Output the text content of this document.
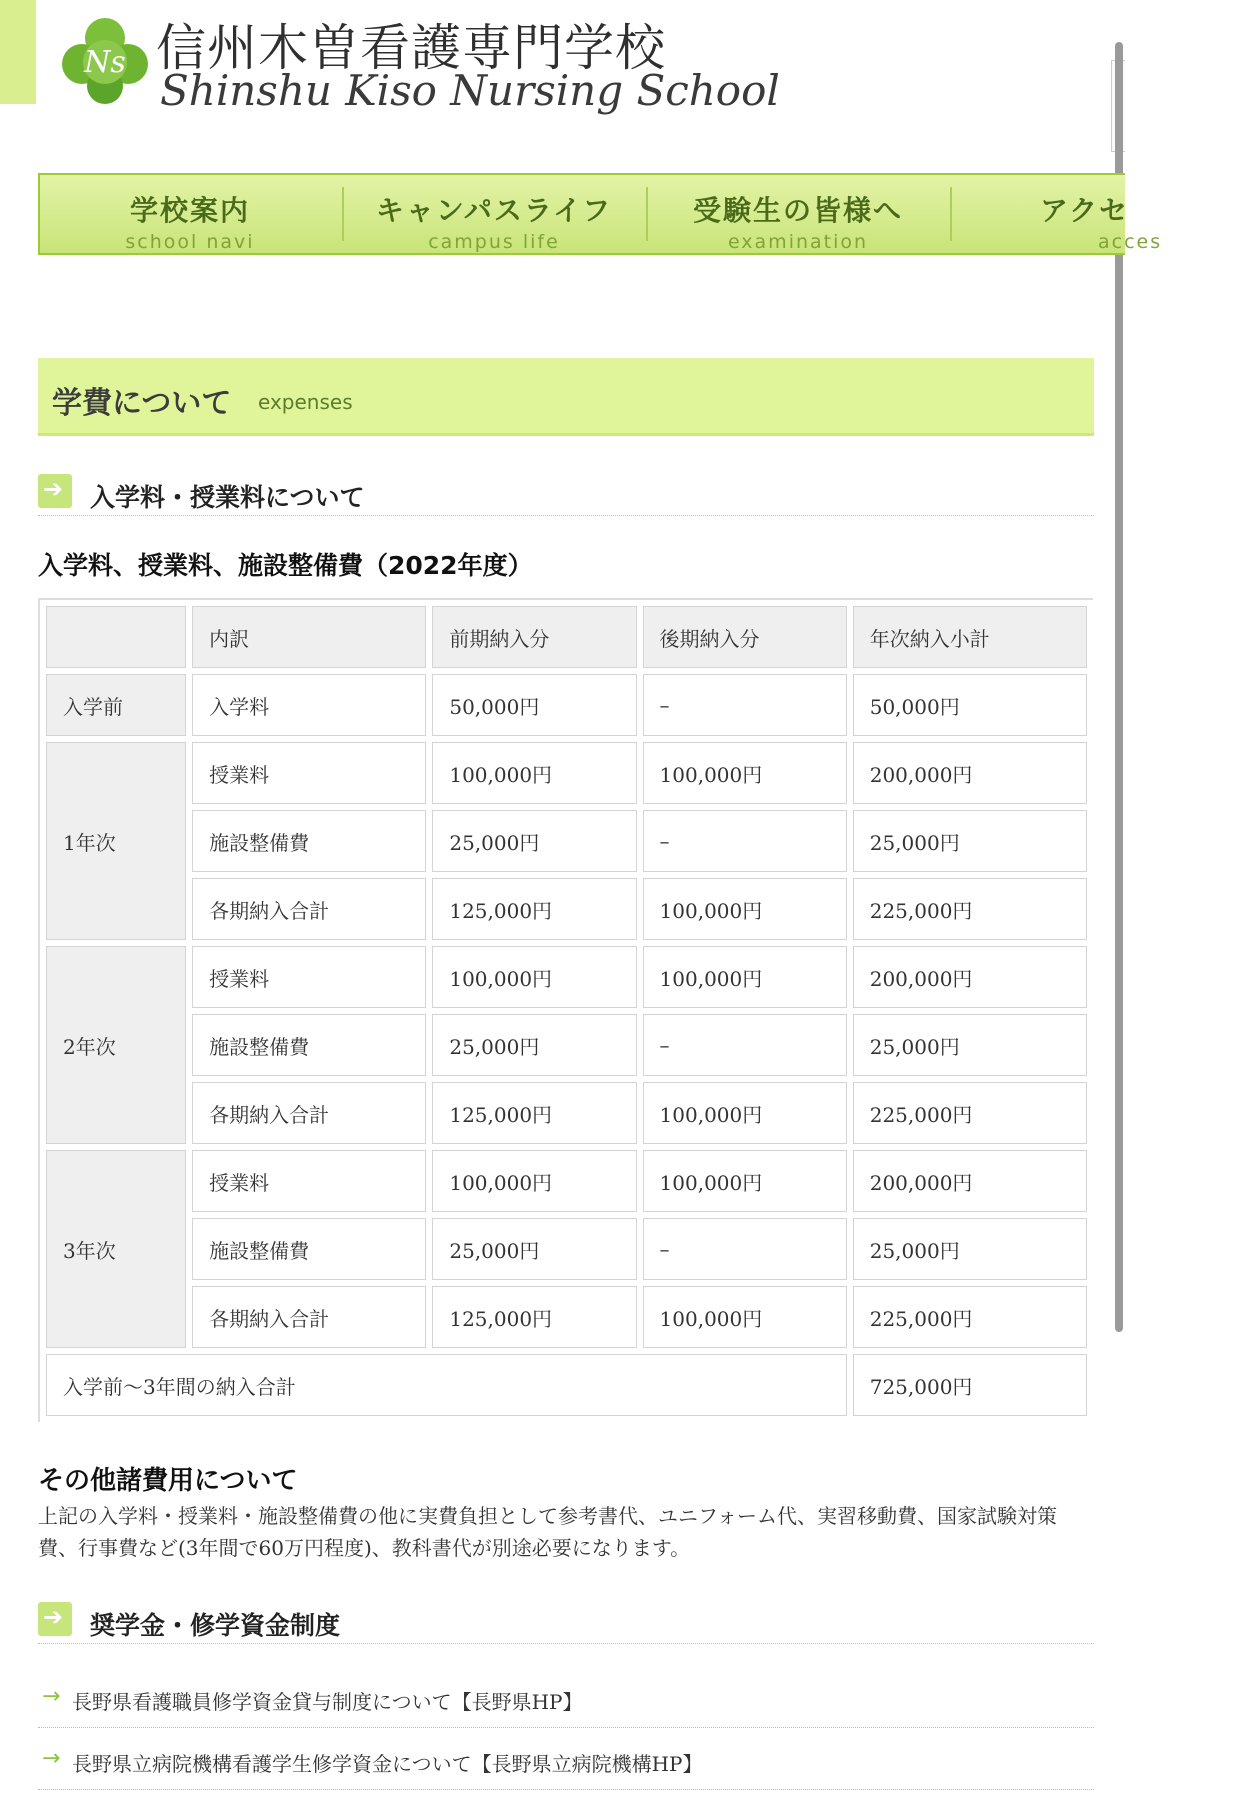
Ns 信州木曽看護専門学校
Shinshu Kiso Nursing School
学校案内
school navi
キャンパスライフ
campus life
受験生の皆様へ
examination
アクセ
acces
学費について expenses
➔
入学料・授業料について
入学料、授業料、施設整備費（2022年度）
	内訳	前期納入分	後期納入分	年次納入小計
入学前	入学料	50,000円	–	50,000円
1年次	授業料	100,000円	100,000円	200,000円
	施設整備費	25,000円	–	25,000円
	各期納入合計	125,000円	100,000円	225,000円
2年次	授業料	100,000円	100,000円	200,000円
	施設整備費	25,000円	–	25,000円
	各期納入合計	125,000円	100,000円	225,000円
3年次	授業料	100,000円	100,000円	200,000円
	施設整備費	25,000円	–	25,000円
	各期納入合計	125,000円	100,000円	225,000円
入学前～3年間の納入合計				725,000円
その他諸費用について
上記の入学料・授業料・施設整備費の他に実費負担として参考書代、ユニフォーム代、実習移動費、国家試験対策費、行事費など(3年間で60万円程度)、教科書代が別途必要になります。
➔
奨学金・修学資金制度
→ 長野県看護職員修学資金貸与制度について【長野県HP】
→ 長野県立病院機構看護学生修学資金について【長野県立病院機構HP】
